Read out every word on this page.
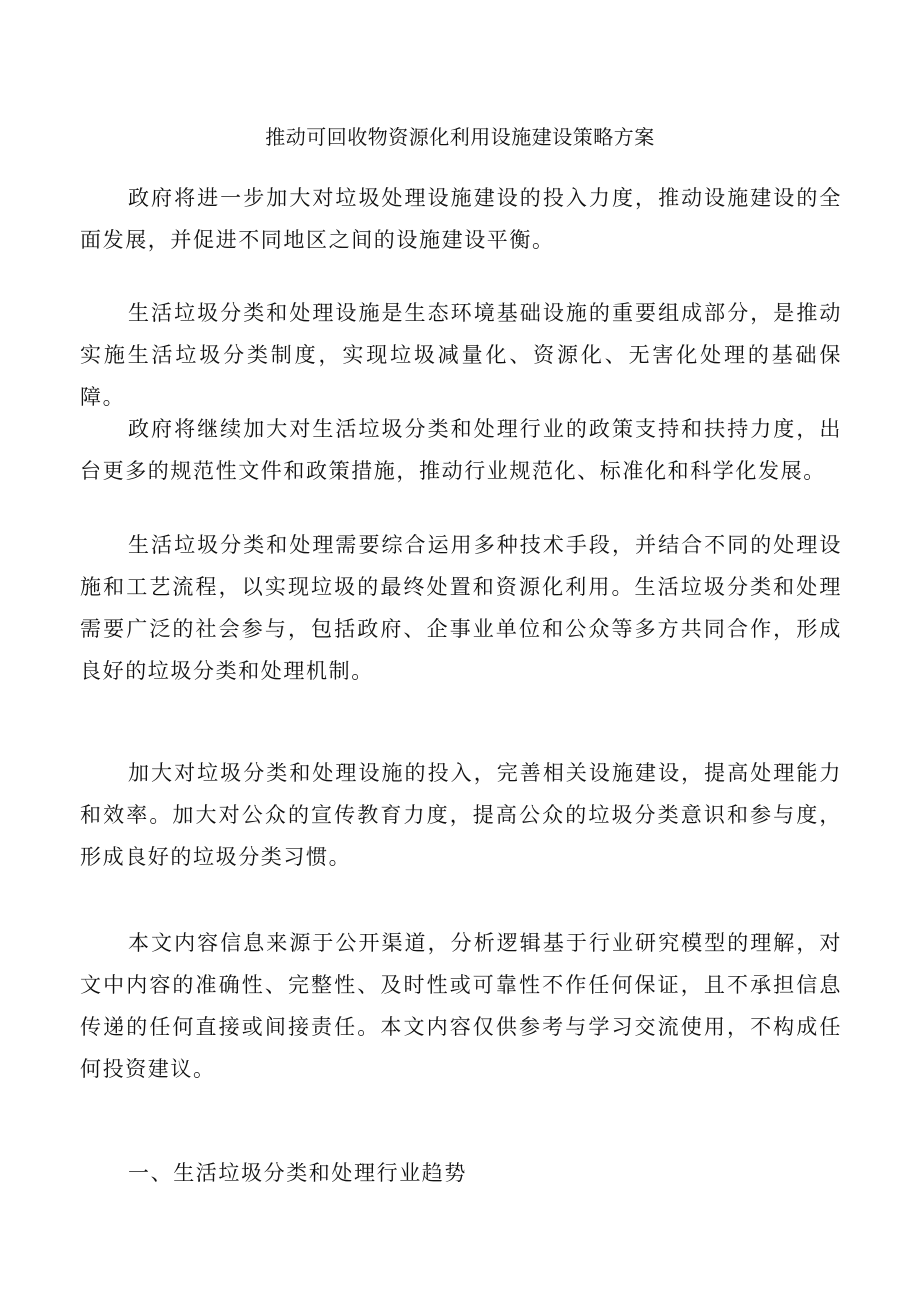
推动可回收物资源化利用设施建设策略方案

政府将进一步加大对垃圾处理设施建设的投入力度，推动设施建设的全面发展，并促进不同地区之间的设施建设平衡。

生活垃圾分类和处理设施是生态环境基础设施的重要组成部分，是推动实施生活垃圾分类制度，实现垃圾减量化、资源化、无害化处理的基础保障。

政府将继续加大对生活垃圾分类和处理行业的政策支持和扶持力度，出台更多的规范性文件和政策措施，推动行业规范化、标准化和科学化发展。

生活垃圾分类和处理需要综合运用多种技术手段，并结合不同的处理设施和工艺流程，以实现垃圾的最终处置和资源化利用。生活垃圾分类和处理需要广泛的社会参与，包括政府、企事业单位和公众等多方共同合作，形成良好的垃圾分类和处理机制。

加大对垃圾分类和处理设施的投入，完善相关设施建设，提高处理能力和效率。加大对公众的宣传教育力度，提高公众的垃圾分类意识和参与度，形成良好的垃圾分类习惯。

本文内容信息来源于公开渠道，分析逻辑基于行业研究模型的理解，对文中内容的准确性、完整性、及时性或可靠性不作任何保证，且不承担信息传递的任何直接或间接责任。本文内容仅供参考与学习交流使用，不构成任何投资建议。

一、生活垃圾分类和处理行业趋势
